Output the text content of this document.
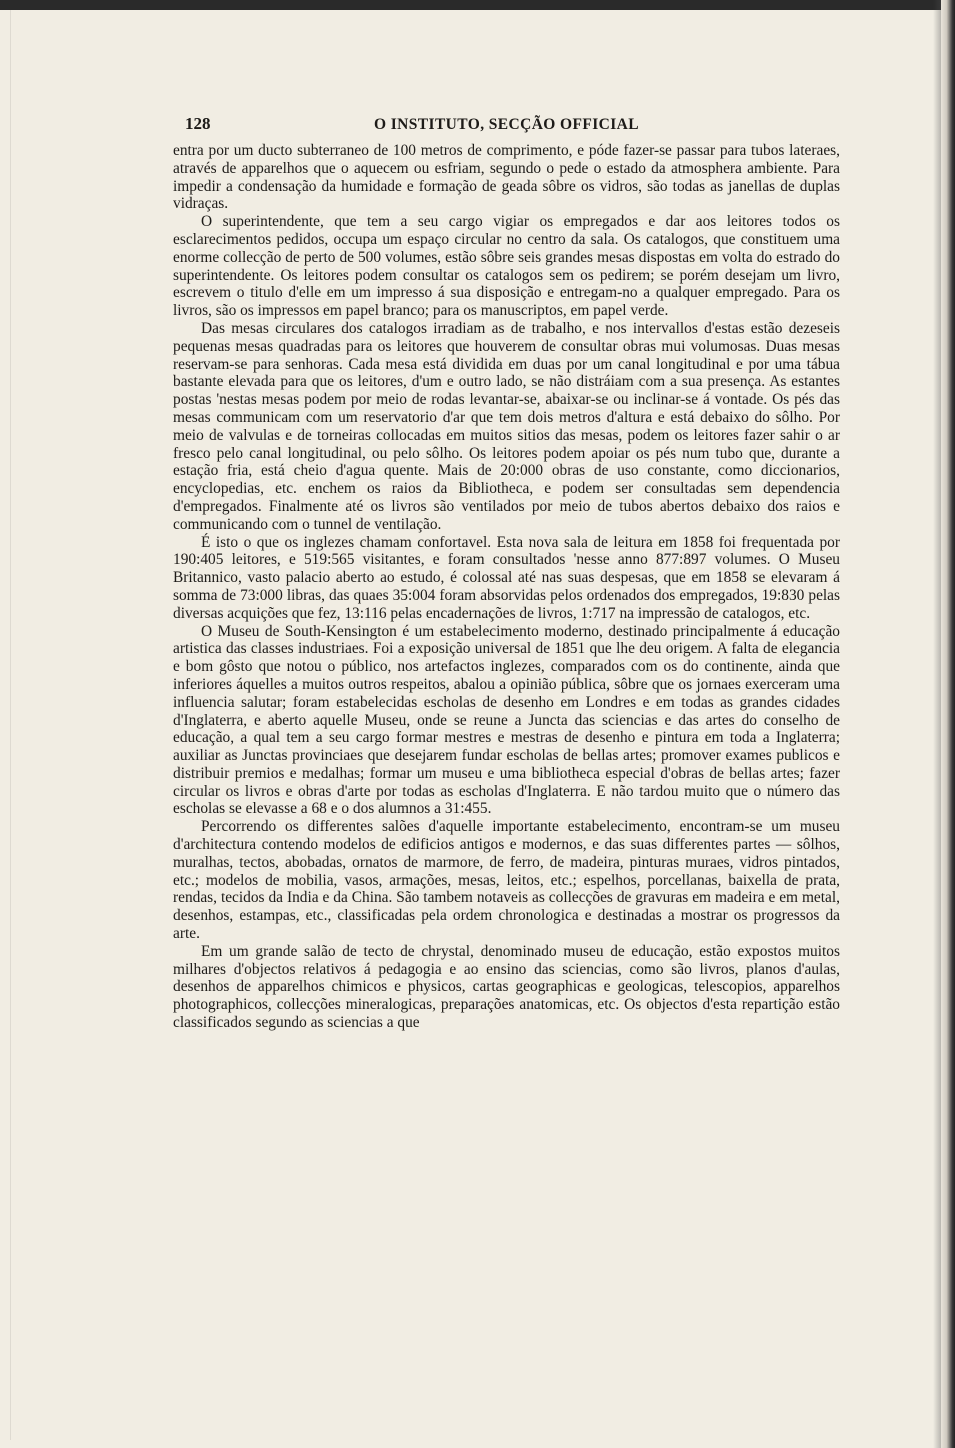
128	O INSTITUTO, SECÇÃO OFFICIAL

entra por um ducto subterraneo de 100 metros de comprimento, e póde fazer-se passar para tubos lateraes, através de apparelhos que o aquecem ou esfriam, segundo o pede o estado da atmosphera ambiente. Para impedir a condensação da humidade e formação de geada sôbre os vidros, são todas as janellas de duplas vidraças.

O superintendente, que tem a seu cargo vigiar os empregados e dar aos leitores todos os esclarecimentos pedidos, occupa um espaço circular no centro da sala. Os catalogos, que constituem uma enorme collecção de perto de 500 volumes, estão sôbre seis grandes mesas dispostas em volta do estrado do superintendente. Os leitores podem consultar os catalogos sem os pedirem; se porém desejam um livro, escrevem o titulo d'elle em um impresso á sua disposição e entregam-no a qualquer empregado. Para os livros, são os impressos em papel branco; para os manuscriptos, em papel verde.

Das mesas circulares dos catalogos irradiam as de trabalho, e nos intervallos d'estas estão dezeseis pequenas mesas quadradas para os leitores que houverem de consultar obras mui volumosas. Duas mesas reservam-se para senhoras. Cada mesa está dividida em duas por um canal longitudinal e por uma tábua bastante elevada para que os leitores, d'um e outro lado, se não distráiam com a sua presença. As estantes postas 'nestas mesas podem por meio de rodas levantar-se, abaixar-se ou inclinar-se á vontade. Os pés das mesas communicam com um reservatorio d'ar que tem dois metros d'altura e está debaixo do sôlho. Por meio de valvulas e de torneiras collocadas em muitos sitios das mesas, podem os leitores fazer sahir o ar fresco pelo canal longitudinal, ou pelo sôlho. Os leitores podem apoiar os pés num tubo que, durante a estação fria, está cheio d'agua quente. Mais de 20:000 obras de uso constante, como diccionarios, encyclopedias, etc. enchem os raios da Bibliotheca, e podem ser consultadas sem dependencia d'empregados. Finalmente até os livros são ventilados por meio de tubos abertos debaixo dos raios e communicando com o tunnel de ventilação.

É isto o que os inglezes chamam confortavel. Esta nova sala de leitura em 1858 foi frequentada por 190:405 leitores, e 519:565 visitantes, e foram consultados 'nesse anno 877:897 volumes. O Museu Britannico, vasto palacio aberto ao estudo, é colossal até nas suas despesas, que em 1858 se elevaram á somma de 73:000 libras, das quaes 35:004 foram absorvidas pelos ordenados dos empregados, 19:830 pelas diversas acquições que fez, 13:116 pelas encadernações de livros, 1:717 na impressão de catalogos, etc.

O Museu de South-Kensington é um estabelecimento moderno, destinado principalmente á educação artistica das classes industriaes. Foi a exposição universal de 1851 que lhe deu origem. A falta de elegancia e bom gôsto que notou o público, nos artefactos inglezes, comparados com os do continente, ainda que inferiores áquelles a muitos outros respeitos, abalou a opinião pública, sôbre que os jornaes exerceram uma influencia salutar; foram estabelecidas escholas de desenho em Londres e em todas as grandes cidades d'Inglaterra, e aberto aquelle Museu, onde se reune a Juncta das sciencias e das artes do conselho de educação, a qual tem a seu cargo formar mestres e mestras de desenho e pintura em toda a Inglaterra; auxiliar as Junctas provinciaes que desejarem fundar escholas de bellas artes; promover exames publicos e distribuir premios e medalhas; formar um museu e uma bibliotheca especial d'obras de bellas artes; fazer circular os livros e obras d'arte por todas as escholas d'Inglaterra. E não tardou muito que o número das escholas se elevasse a 68 e o dos alumnos a 31:455.

Percorrendo os differentes salões d'aquelle importante estabelecimento, encontram-se um museu d'architectura contendo modelos de edificios antigos e modernos, e das suas differentes partes — sôlhos, muralhas, tectos, abobadas, ornatos de marmore, de ferro, de madeira, pinturas muraes, vidros pintados, etc.; modelos de mobilia, vasos, armações, mesas, leitos, etc.; espelhos, porcellanas, baixella de prata, rendas, tecidos da India e da China. São tambem notaveis as collecções de gravuras em madeira e em metal, desenhos, estampas, etc., classificadas pela ordem chronologica e destinadas a mostrar os progressos da arte.

Em um grande salão de tecto de chrystal, denominado museu de educação, estão expostos muitos milhares d'objectos relativos á pedagogia e ao ensino das sciencias, como são livros, planos d'aulas, desenhos de apparelhos chimicos e physicos, cartas geographicas e geologicas, telescopios, apparelhos photographicos, collecções mineralogicas, preparações anatomicas, etc. Os objectos d'esta repartição estão classificados segundo as sciencias a que
